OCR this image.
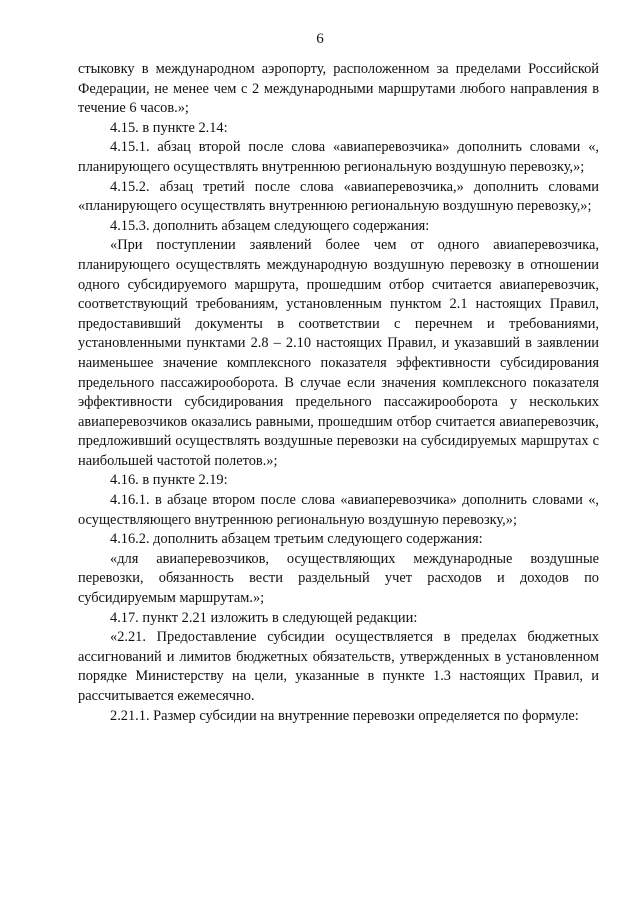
6

стыковку в международном аэропорту, расположенном за пределами Российской Федерации, не менее чем с 2 международными маршрутами любого направления в течение 6 часов.»;

4.15. в пункте 2.14:

4.15.1. абзац второй после слова «авиаперевозчика» дополнить словами «, планирующего осуществлять внутреннюю региональную воздушную перевозку,»;

4.15.2. абзац третий после слова «авиаперевозчика,» дополнить словами «планирующего осуществлять внутреннюю региональную воздушную перевозку,»;

4.15.3. дополнить абзацем следующего содержания:

«При поступлении заявлений более чем от одного авиаперевозчика, планирующего осуществлять международную воздушную перевозку в отношении одного субсидируемого маршрута, прошедшим отбор считается авиаперевозчик, соответствующий требованиям, установленным пунктом 2.1 настоящих Правил, предоставивший документы в соответствии с перечнем и требованиями, установленными пунктами 2.8 – 2.10 настоящих Правил, и указавший в заявлении наименьшее значение комплексного показателя эффективности субсидирования предельного пассажирооборота. В случае если значения комплексного показателя эффективности субсидирования предельного пассажирооборота у нескольких авиаперевозчиков оказались равными, прошедшим отбор считается авиаперевозчик, предложивший осуществлять воздушные перевозки на субсидируемых маршрутах с наибольшей частотой полетов.»;

4.16. в пункте 2.19:

4.16.1. в абзаце втором после слова «авиаперевозчика» дополнить словами «, осуществляющего внутреннюю региональную воздушную перевозку,»;

4.16.2. дополнить абзацем третьим следующего содержания:

«для авиаперевозчиков, осуществляющих международные воздушные перевозки, обязанность вести раздельный учет расходов и доходов по субсидируемым маршрутам.»;

4.17. пункт 2.21 изложить в следующей редакции:

«2.21. Предоставление субсидии осуществляется в пределах бюджетных ассигнований и лимитов бюджетных обязательств, утвержденных в установленном порядке Министерству на цели, указанные в пункте 1.3 настоящих Правил, и рассчитывается ежемесячно.

2.21.1. Размер субсидии на внутренние перевозки определяется по формуле:
